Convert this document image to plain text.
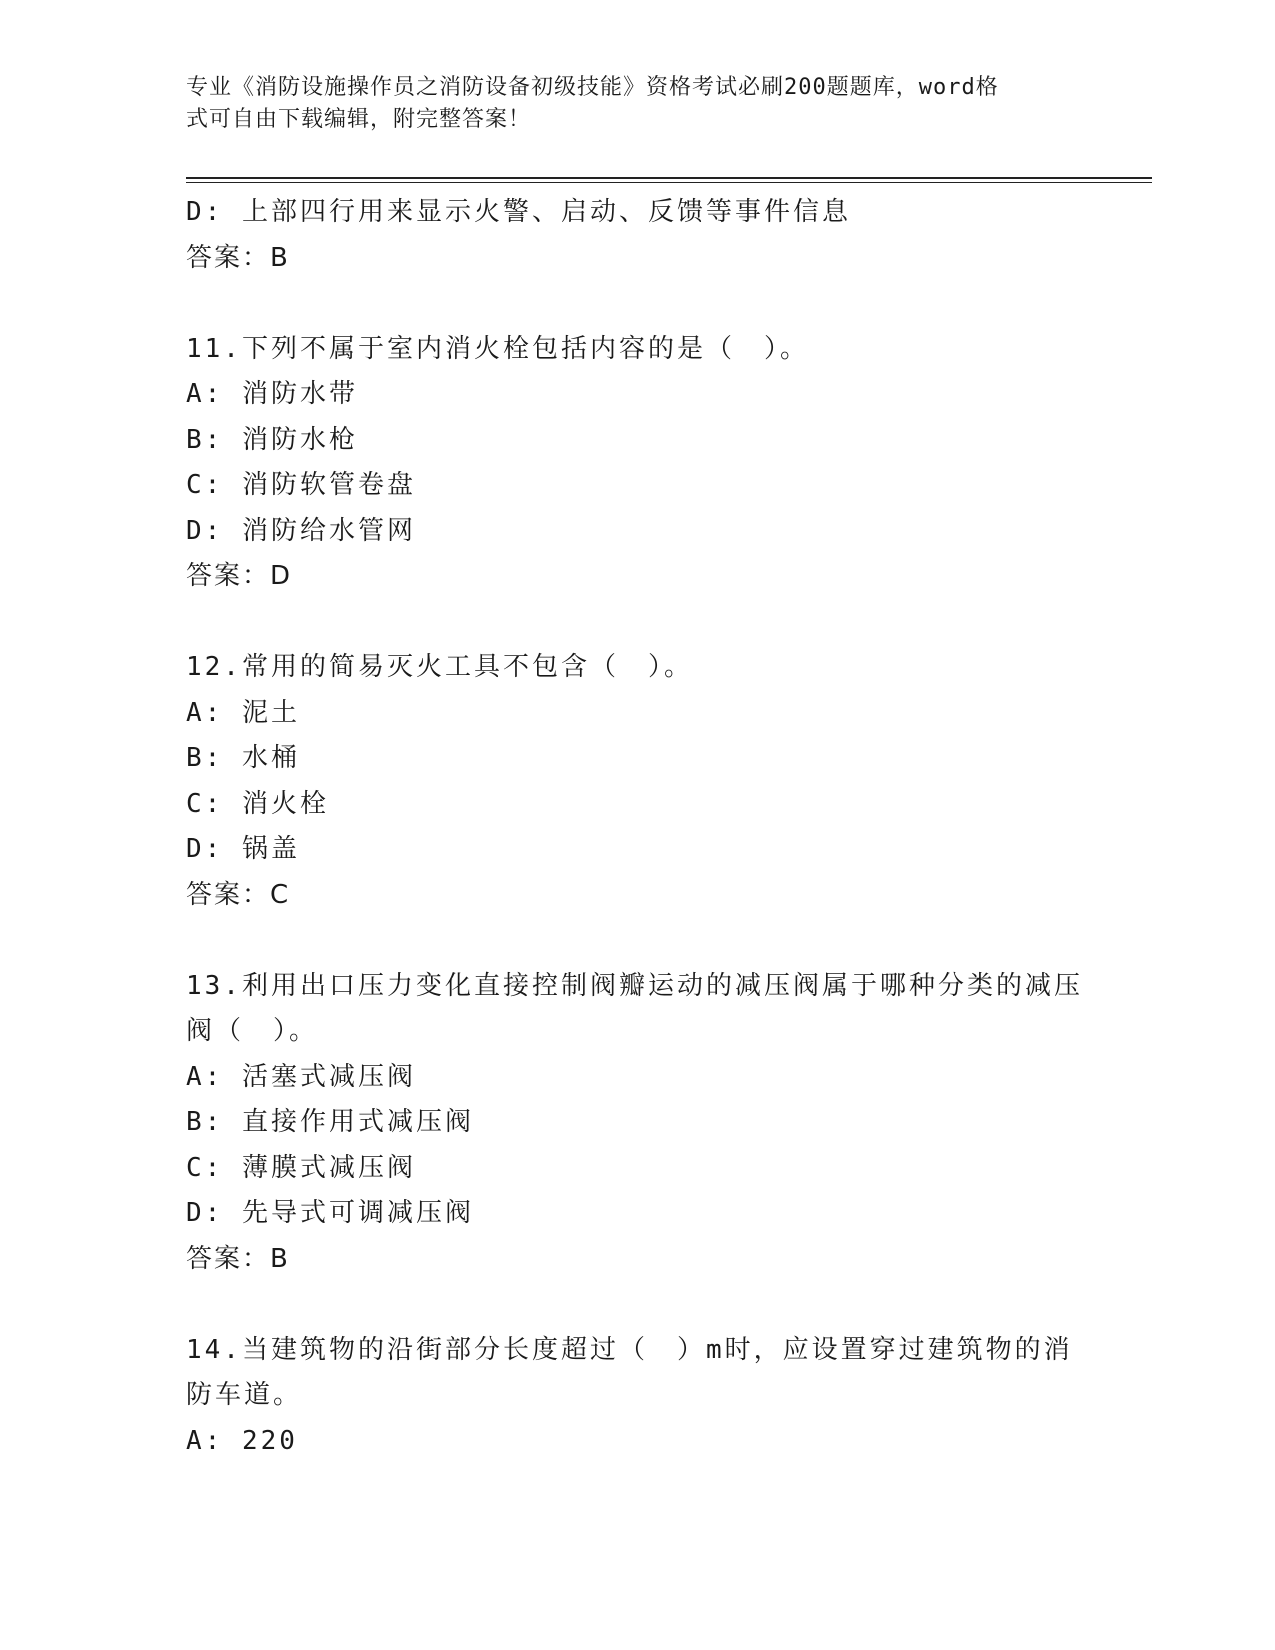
专业《消防设施操作员之消防设备初级技能》资格考试必刷200题题库，word格
式可自由下载编辑，附完整答案！
D: 上部四行用来显示火警、启动、反馈等事件信息
答案：B
11.下列不属于室内消火栓包括内容的是（　）。
A: 消防水带
B: 消防水枪
C: 消防软管卷盘
D: 消防给水管网
答案：D
12.常用的简易灭火工具不包含（　）。
A: 泥土
B: 水桶
C: 消火栓
D: 锅盖
答案：C
13.利用出口压力变化直接控制阀瓣运动的减压阀属于哪种分类的减压
阀（　）。
A: 活塞式减压阀
B: 直接作用式减压阀
C: 薄膜式减压阀
D: 先导式可调减压阀
答案：B
14.当建筑物的沿街部分长度超过（　）m时，应设置穿过建筑物的消
防车道。
A: 220
